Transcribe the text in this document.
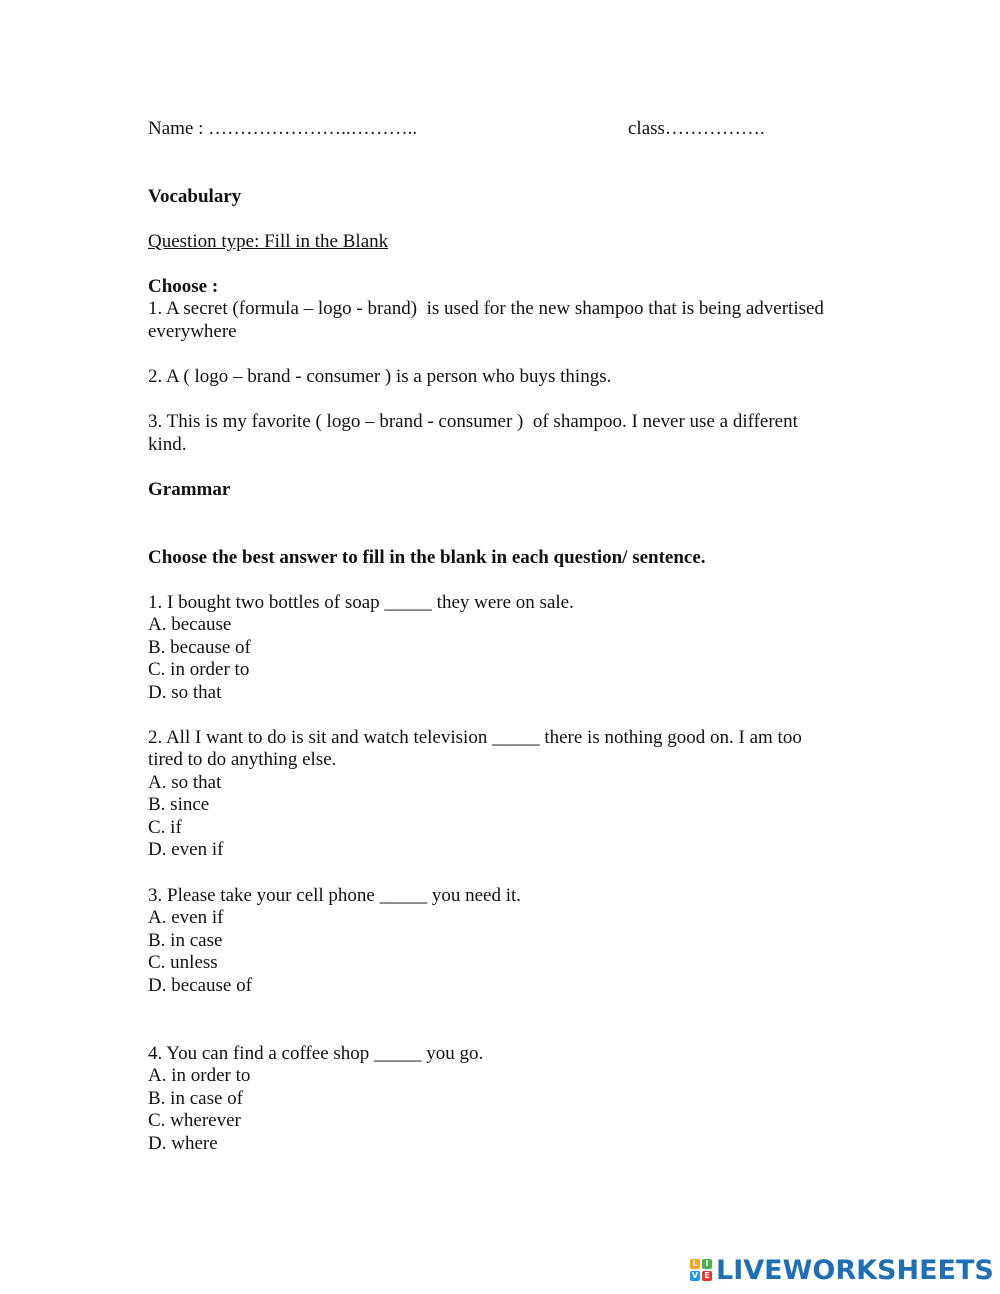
Name : …………………..………..	class…………….
Vocabulary
Question type: Fill in the Blank
Choose :
1. A secret (formula – logo - brand)  is used for the new shampoo that is being advertised
everywhere
2. A ( logo – brand - consumer ) is a person who buys things.
3. This is my favorite ( logo – brand - consumer )  of shampoo. I never use a different
kind.
Grammar
Choose the best answer to fill in the blank in each question/ sentence.
1. I bought two bottles of soap _____ they were on sale.
A. because
B. because of
C. in order to
D. so that
2. All I want to do is sit and watch television _____ there is nothing good on. I am too
tired to do anything else.
A. so that
B. since
C. if
D. even if
3. Please take your cell phone _____ you need it.
A. even if
B. in case
C. unless
D. because of
4. You can find a coffee shop _____ you go.
A. in order to
B. in case of
C. wherever
D. where
L I
V E LIVEWORKSHEETS
